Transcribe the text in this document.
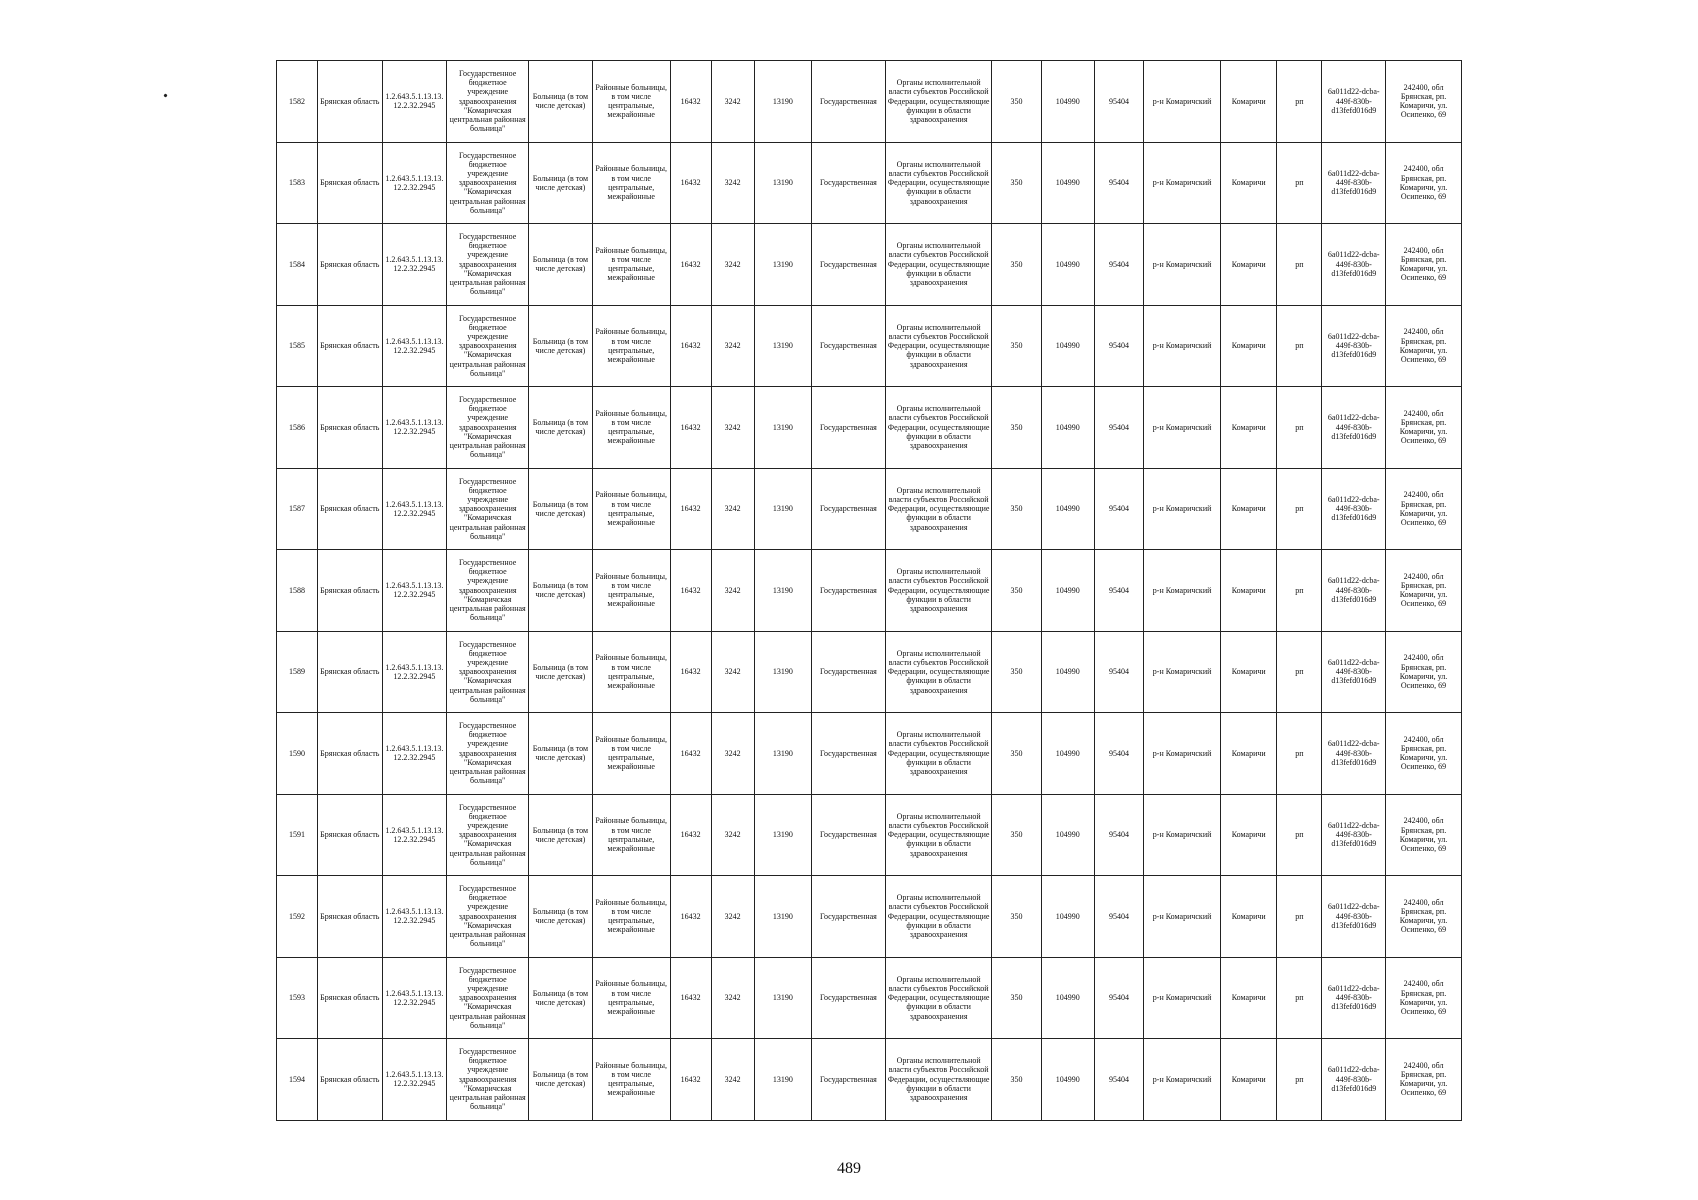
1582	Брянская область	1.2.643.5.1.13.13.12.2.32.2945	Государственное бюджетное учреждение здравоохранения "Комаричская центральная районная больница"	Больница (в том числе детская)	Районные больницы, в том числе центральные, межрайонные	16432	3242	13190	Государственная	Органы исполнительной власти субъектов Российской Федерации, осуществляющие функции в области здравоохранения	350	104990	95404	р-н Комаричский	Комаричи	рп	6a011d22-dcba-449f-830b-d13fefd016d9	242400, обл Брянская, рп. Комаричи, ул. Осипенко, 69
1583	Брянская область	1.2.643.5.1.13.13.12.2.32.2945	Государственное бюджетное учреждение здравоохранения "Комаричская центральная районная больница"	Больница (в том числе детская)	Районные больницы, в том числе центральные, межрайонные	16432	3242	13190	Государственная	Органы исполнительной власти субъектов Российской Федерации, осуществляющие функции в области здравоохранения	350	104990	95404	р-н Комаричский	Комаричи	рп	6a011d22-dcba-449f-830b-d13fefd016d9	242400, обл Брянская, рп. Комаричи, ул. Осипенко, 69
1584	Брянская область	1.2.643.5.1.13.13.12.2.32.2945	Государственное бюджетное учреждение здравоохранения "Комаричская центральная районная больница"	Больница (в том числе детская)	Районные больницы, в том числе центральные, межрайонные	16432	3242	13190	Государственная	Органы исполнительной власти субъектов Российской Федерации, осуществляющие функции в области здравоохранения	350	104990	95404	р-н Комаричский	Комаричи	рп	6a011d22-dcba-449f-830b-d13fefd016d9	242400, обл Брянская, рп. Комаричи, ул. Осипенко, 69
1585	Брянская область	1.2.643.5.1.13.13.12.2.32.2945	Государственное бюджетное учреждение здравоохранения "Комаричская центральная районная больница"	Больница (в том числе детская)	Районные больницы, в том числе центральные, межрайонные	16432	3242	13190	Государственная	Органы исполнительной власти субъектов Российской Федерации, осуществляющие функции в области здравоохранения	350	104990	95404	р-н Комаричский	Комаричи	рп	6a011d22-dcba-449f-830b-d13fefd016d9	242400, обл Брянская, рп. Комаричи, ул. Осипенко, 69
1586	Брянская область	1.2.643.5.1.13.13.12.2.32.2945	Государственное бюджетное учреждение здравоохранения "Комаричская центральная районная больница"	Больница (в том числе детская)	Районные больницы, в том числе центральные, межрайонные	16432	3242	13190	Государственная	Органы исполнительной власти субъектов Российской Федерации, осуществляющие функции в области здравоохранения	350	104990	95404	р-н Комаричский	Комаричи	рп	6a011d22-dcba-449f-830b-d13fefd016d9	242400, обл Брянская, рп. Комаричи, ул. Осипенко, 69
1587	Брянская область	1.2.643.5.1.13.13.12.2.32.2945	Государственное бюджетное учреждение здравоохранения "Комаричская центральная районная больница"	Больница (в том числе детская)	Районные больницы, в том числе центральные, межрайонные	16432	3242	13190	Государственная	Органы исполнительной власти субъектов Российской Федерации, осуществляющие функции в области здравоохранения	350	104990	95404	р-н Комаричский	Комаричи	рп	6a011d22-dcba-449f-830b-d13fefd016d9	242400, обл Брянская, рп. Комаричи, ул. Осипенко, 69
1588	Брянская область	1.2.643.5.1.13.13.12.2.32.2945	Государственное бюджетное учреждение здравоохранения "Комаричская центральная районная больница"	Больница (в том числе детская)	Районные больницы, в том числе центральные, межрайонные	16432	3242	13190	Государственная	Органы исполнительной власти субъектов Российской Федерации, осуществляющие функции в области здравоохранения	350	104990	95404	р-н Комаричский	Комаричи	рп	6a011d22-dcba-449f-830b-d13fefd016d9	242400, обл Брянская, рп. Комаричи, ул. Осипенко, 69
1589	Брянская область	1.2.643.5.1.13.13.12.2.32.2945	Государственное бюджетное учреждение здравоохранения "Комаричская центральная районная больница"	Больница (в том числе детская)	Районные больницы, в том числе центральные, межрайонные	16432	3242	13190	Государственная	Органы исполнительной власти субъектов Российской Федерации, осуществляющие функции в области здравоохранения	350	104990	95404	р-н Комаричский	Комаричи	рп	6a011d22-dcba-449f-830b-d13fefd016d9	242400, обл Брянская, рп. Комаричи, ул. Осипенко, 69
1590	Брянская область	1.2.643.5.1.13.13.12.2.32.2945	Государственное бюджетное учреждение здравоохранения "Комаричская центральная районная больница"	Больница (в том числе детская)	Районные больницы, в том числе центральные, межрайонные	16432	3242	13190	Государственная	Органы исполнительной власти субъектов Российской Федерации, осуществляющие функции в области здравоохранения	350	104990	95404	р-н Комаричский	Комаричи	рп	6a011d22-dcba-449f-830b-d13fefd016d9	242400, обл Брянская, рп. Комаричи, ул. Осипенко, 69
1591	Брянская область	1.2.643.5.1.13.13.12.2.32.2945	Государственное бюджетное учреждение здравоохранения "Комаричская центральная районная больница"	Больница (в том числе детская)	Районные больницы, в том числе центральные, межрайонные	16432	3242	13190	Государственная	Органы исполнительной власти субъектов Российской Федерации, осуществляющие функции в области здравоохранения	350	104990	95404	р-н Комаричский	Комаричи	рп	6a011d22-dcba-449f-830b-d13fefd016d9	242400, обл Брянская, рп. Комаричи, ул. Осипенко, 69
1592	Брянская область	1.2.643.5.1.13.13.12.2.32.2945	Государственное бюджетное учреждение здравоохранения "Комаричская центральная районная больница"	Больница (в том числе детская)	Районные больницы, в том числе центральные, межрайонные	16432	3242	13190	Государственная	Органы исполнительной власти субъектов Российской Федерации, осуществляющие функции в области здравоохранения	350	104990	95404	р-н Комаричский	Комаричи	рп	6a011d22-dcba-449f-830b-d13fefd016d9	242400, обл Брянская, рп. Комаричи, ул. Осипенко, 69
1593	Брянская область	1.2.643.5.1.13.13.12.2.32.2945	Государственное бюджетное учреждение здравоохранения "Комаричская центральная районная больница"	Больница (в том числе детская)	Районные больницы, в том числе центральные, межрайонные	16432	3242	13190	Государственная	Органы исполнительной власти субъектов Российской Федерации, осуществляющие функции в области здравоохранения	350	104990	95404	р-н Комаричский	Комаричи	рп	6a011d22-dcba-449f-830b-d13fefd016d9	242400, обл Брянская, рп. Комаричи, ул. Осипенко, 69
1594	Брянская область	1.2.643.5.1.13.13.12.2.32.2945	Государственное бюджетное учреждение здравоохранения "Комаричская центральная районная больница"	Больница (в том числе детская)	Районные больницы, в том числе центральные, межрайонные	16432	3242	13190	Государственная	Органы исполнительной власти субъектов Российской Федерации, осуществляющие функции в области здравоохранения	350	104990	95404	р-н Комаричский	Комаричи	рп	6a011d22-dcba-449f-830b-d13fefd016d9	242400, обл Брянская, рп. Комаричи, ул. Осипенко, 69
489
